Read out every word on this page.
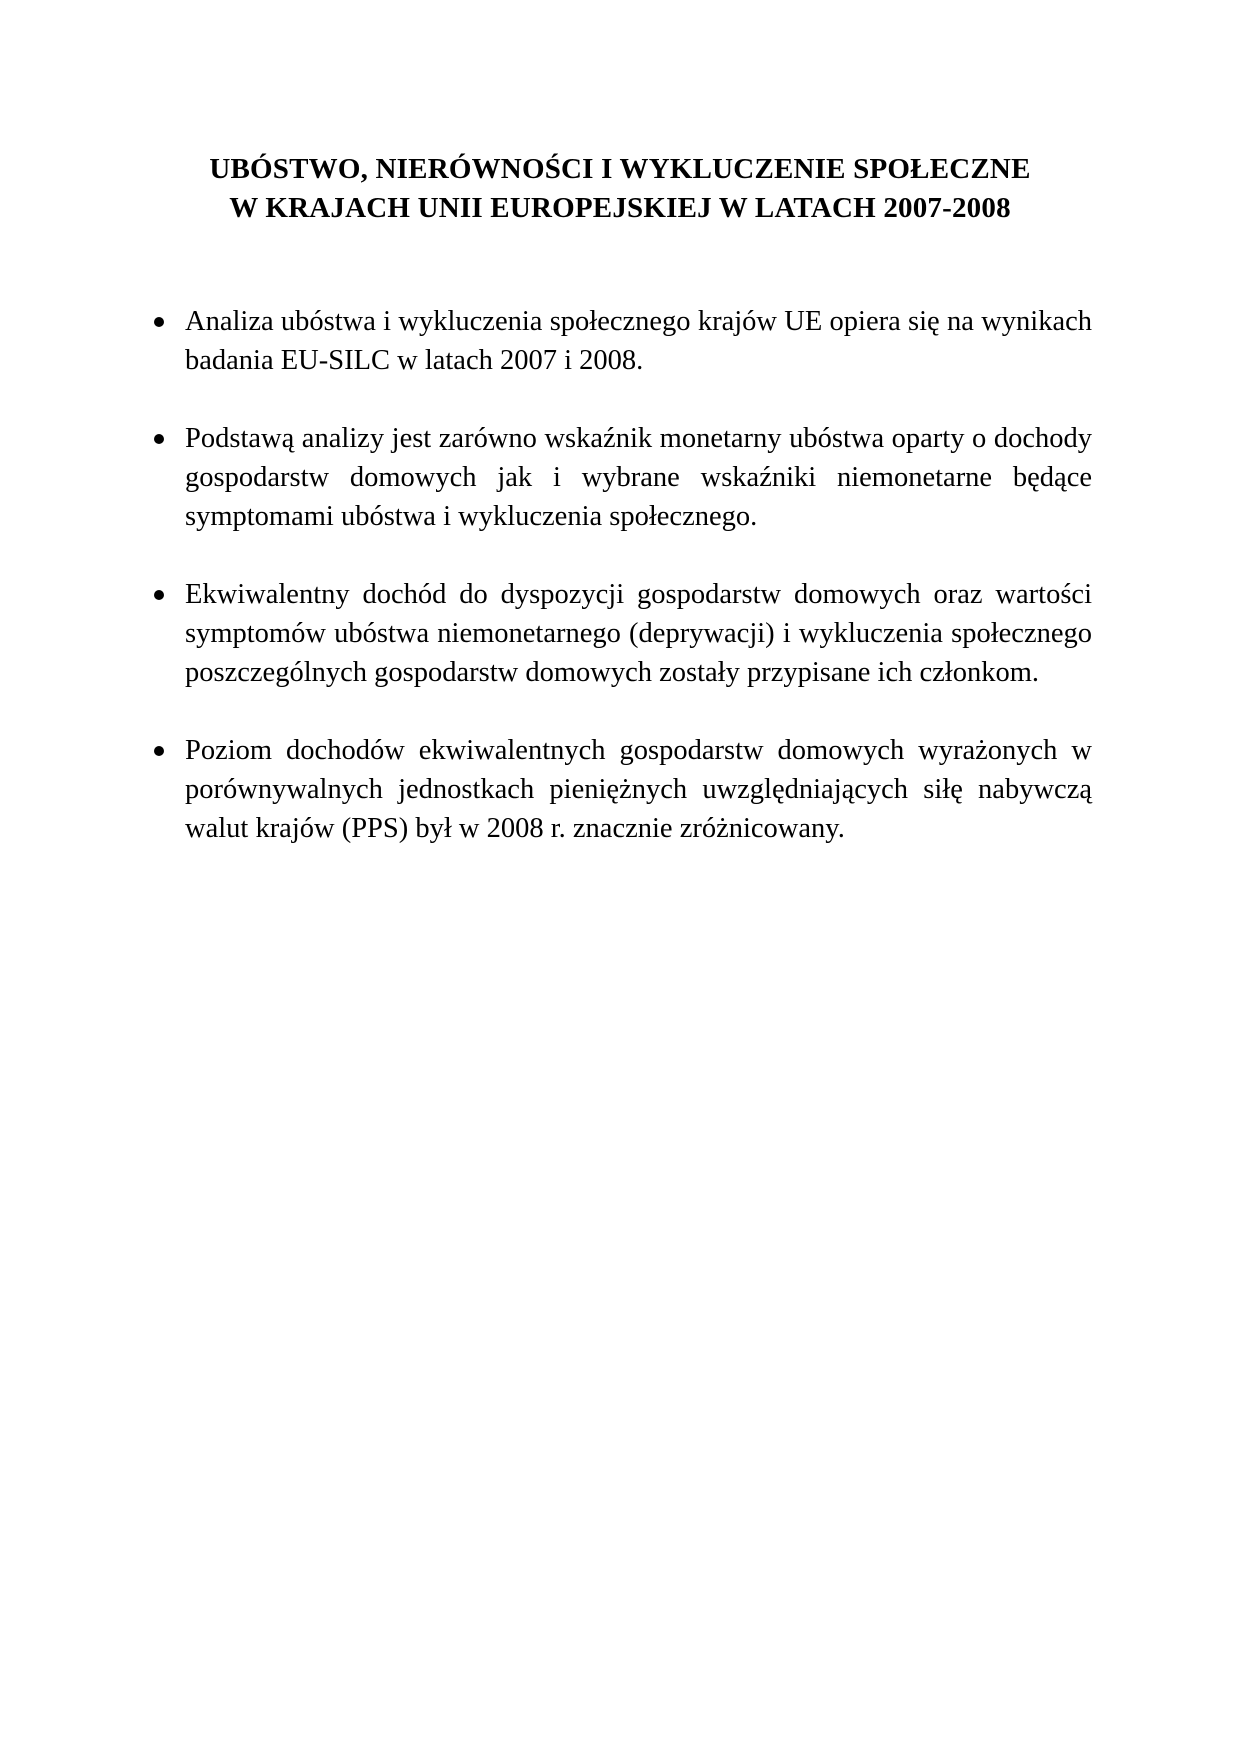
UBÓSTWO, NIERÓWNOŚCI I WYKLUCZENIE SPOŁECZNE
W KRAJACH UNII EUROPEJSKIEJ W LATACH 2007-2008
Analiza ubóstwa i wykluczenia społecznego krajów UE opiera się na wynikach badania EU-SILC w latach 2007 i 2008.
Podstawą analizy jest zarówno wskaźnik monetarny ubóstwa oparty o dochody gospodarstw domowych jak i wybrane wskaźniki niemonetarne będące symptomami ubóstwa i wykluczenia społecznego.
Ekwiwalentny dochód do dyspozycji gospodarstw domowych oraz wartości symptomów ubóstwa niemonetarnego (deprywacji) i wykluczenia społecznego poszczególnych gospodarstw domowych zostały przypisane ich członkom.
Poziom dochodów ekwiwalentnych gospodarstw domowych wyrażonych w porównywalnych jednostkach pieniężnych uwzględniających siłę nabywczą walut krajów (PPS) był w 2008 r. znacznie zróżnicowany.
